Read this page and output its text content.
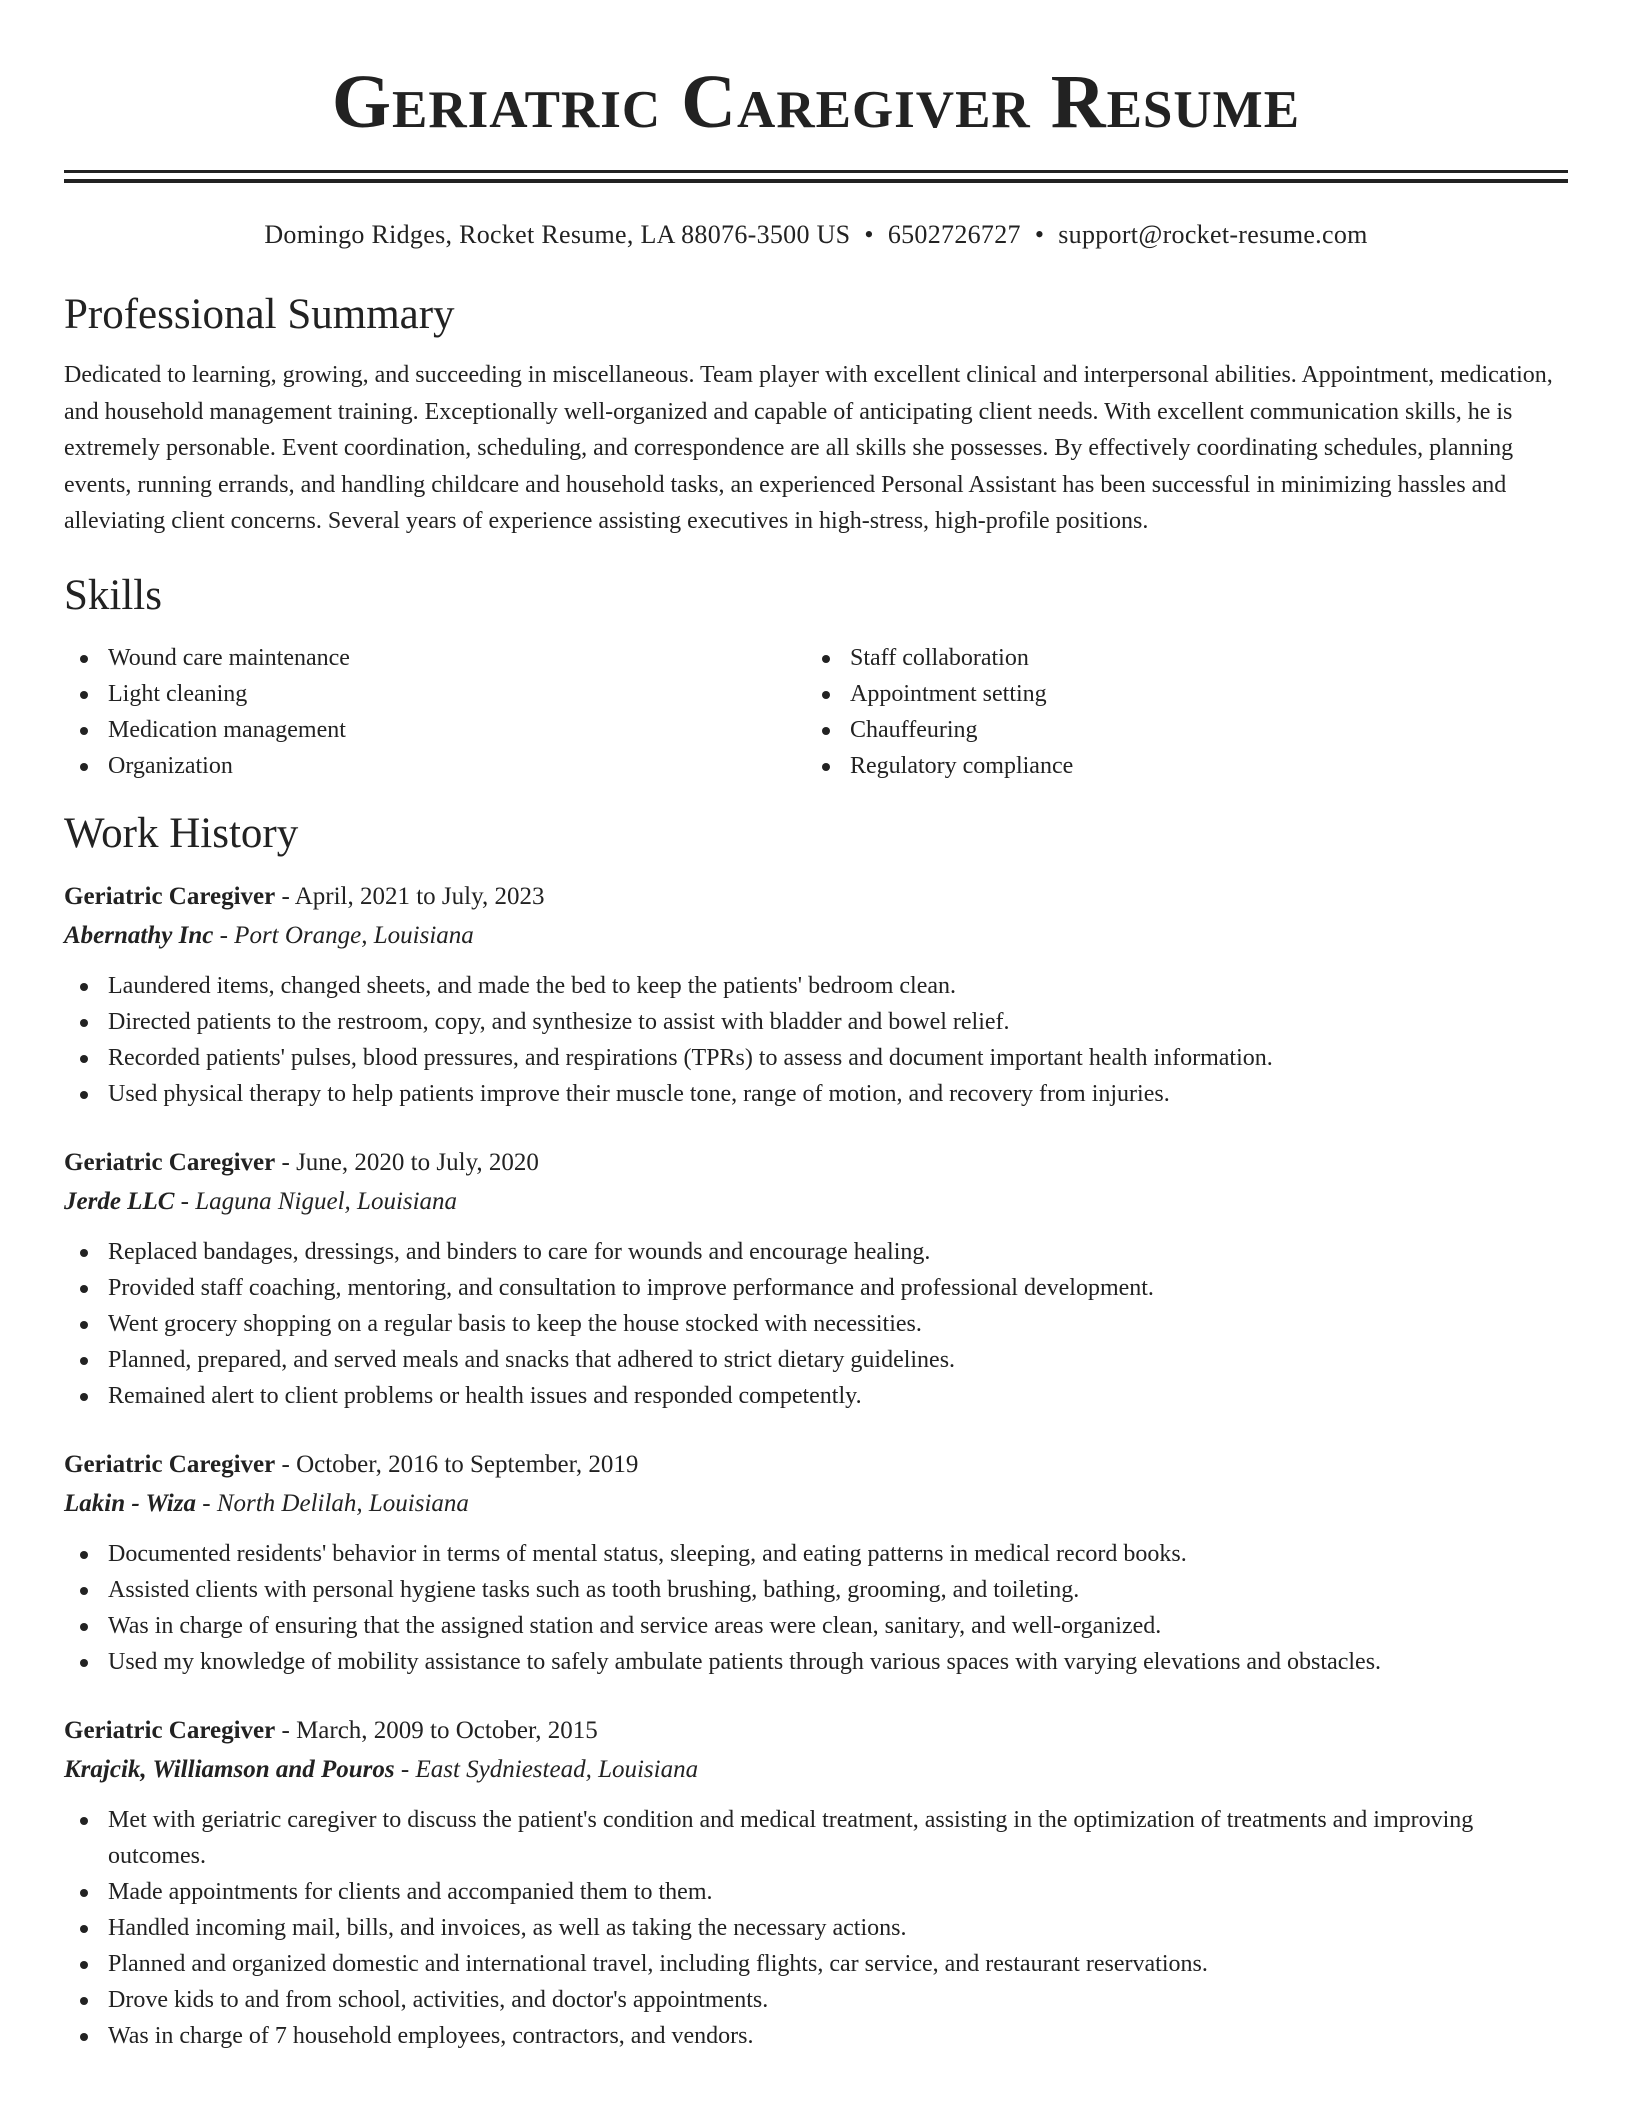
Geriatric Caregiver Resume
Domingo Ridges, Rocket Resume, LA 88076-3500 US • 6502726727 • support@rocket-resume.com
Professional Summary

Dedicated to learning, growing, and succeeding in miscellaneous. Team player with excellent clinical and interpersonal abilities. Appointment, medication, and household management training. Exceptionally well-organized and capable of anticipating client needs. With excellent communication skills, he is extremely personable. Event coordination, scheduling, and correspondence are all skills she possesses. By effectively coordinating schedules, planning events, running errands, and handling childcare and household tasks, an experienced Personal Assistant has been successful in minimizing hassles and alleviating client concerns. Several years of experience assisting executives in high-stress, high-profile positions.

Skills
Wound care maintenance
Light cleaning
Medication management
Organization
Staff collaboration
Appointment setting
Chauffeuring
Regulatory compliance
Work History
Geriatric Caregiver - April, 2021 to July, 2023
Abernathy Inc - Port Orange, Louisiana
Laundered items, changed sheets, and made the bed to keep the patients' bedroom clean.
Directed patients to the restroom, copy, and synthesize to assist with bladder and bowel relief.
Recorded patients' pulses, blood pressures, and respirations (TPRs) to assess and document important health information.
Used physical therapy to help patients improve their muscle tone, range of motion, and recovery from injuries.
Geriatric Caregiver - June, 2020 to July, 2020
Jerde LLC - Laguna Niguel, Louisiana
Replaced bandages, dressings, and binders to care for wounds and encourage healing.
Provided staff coaching, mentoring, and consultation to improve performance and professional development.
Went grocery shopping on a regular basis to keep the house stocked with necessities.
Planned, prepared, and served meals and snacks that adhered to strict dietary guidelines.
Remained alert to client problems or health issues and responded competently.
Geriatric Caregiver - October, 2016 to September, 2019
Lakin - Wiza - North Delilah, Louisiana
Documented residents' behavior in terms of mental status, sleeping, and eating patterns in medical record books.
Assisted clients with personal hygiene tasks such as tooth brushing, bathing, grooming, and toileting.
Was in charge of ensuring that the assigned station and service areas were clean, sanitary, and well-organized.
Used my knowledge of mobility assistance to safely ambulate patients through various spaces with varying elevations and obstacles.
Geriatric Caregiver - March, 2009 to October, 2015
Krajcik, Williamson and Pouros - East Sydniestead, Louisiana
Met with geriatric caregiver to discuss the patient's condition and medical treatment, assisting in the optimization of treatments and improving outcomes.
Made appointments for clients and accompanied them to them.
Handled incoming mail, bills, and invoices, as well as taking the necessary actions.
Planned and organized domestic and international travel, including flights, car service, and restaurant reservations.
Drove kids to and from school, activities, and doctor's appointments.
Was in charge of 7 household employees, contractors, and vendors.
